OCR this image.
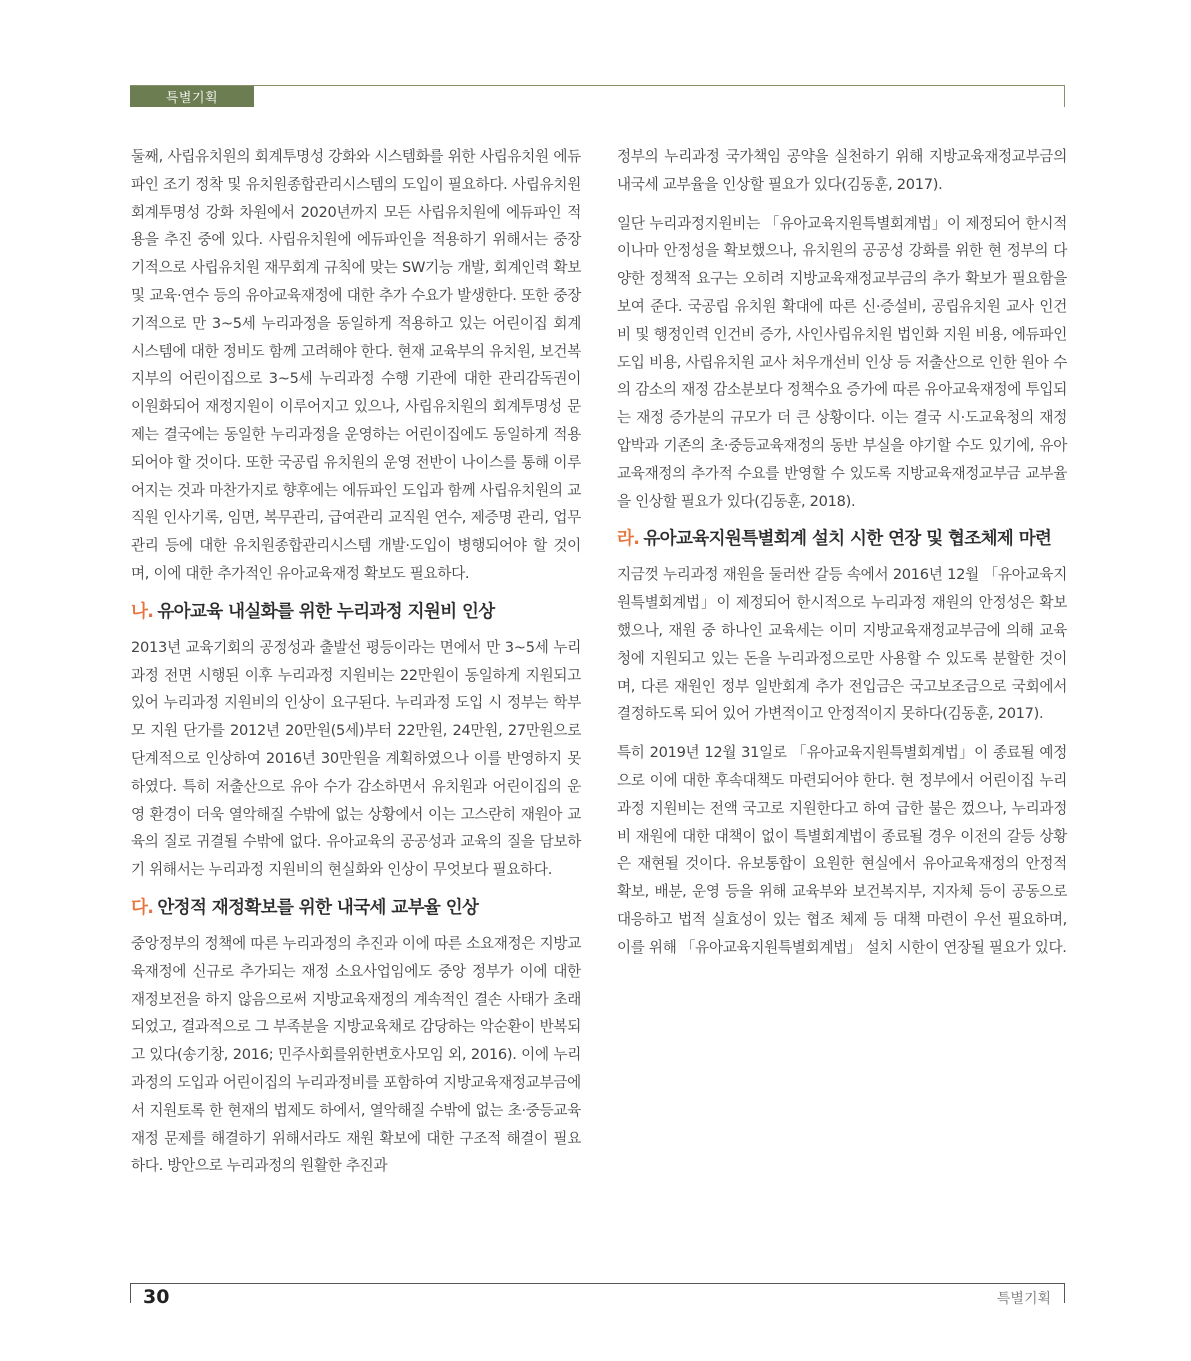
특별기획

둘째, 사립유치원의 회계투명성 강화와 시스템화를 위한 사립유치원 에듀파인 조기 정착 및 유치원종합관리시스템의 도입이 필요하다. 사립유치원 회계투명성 강화 차원에서 2020년까지 모든 사립유치원에 에듀파인 적용을 추진 중에 있다. 사립유치원에 에듀파인을 적용하기 위해서는 중장기적으로 사립유치원 재무회계 규칙에 맞는 SW기능 개발, 회계인력 확보 및 교육·연수 등의 유아교육재정에 대한 추가 수요가 발생한다. 또한 중장기적으로 만 3~5세 누리과정을 동일하게 적용하고 있는 어린이집 회계시스템에 대한 정비도 함께 고려해야 한다. 현재 교육부의 유치원, 보건복지부의 어린이집으로 3~5세 누리과정 수행 기관에 대한 관리감독권이 이원화되어 재정지원이 이루어지고 있으나, 사립유치원의 회계투명성 문제는 결국에는 동일한 누리과정을 운영하는 어린이집에도 동일하게 적용되어야 할 것이다. 또한 국공립 유치원의 운영 전반이 나이스를 통해 이루어지는 것과 마찬가지로 향후에는 에듀파인 도입과 함께 사립유치원의 교직원 인사기록, 임면, 복무관리, 급여관리 교직원 연수, 제증명 관리, 업무관리 등에 대한 유치원종합관리시스템 개발·도입이 병행되어야 할 것이며, 이에 대한 추가적인 유아교육재정 확보도 필요하다.

나. 유아교육 내실화를 위한 누리과정 지원비 인상

2013년 교육기회의 공정성과 출발선 평등이라는 면에서 만 3~5세 누리과정 전면 시행된 이후 누리과정 지원비는 22만원이 동일하게 지원되고 있어 누리과정 지원비의 인상이 요구된다. 누리과정 도입 시 정부는 학부모 지원 단가를 2012년 20만원(5세)부터 22만원, 24만원, 27만원으로 단계적으로 인상하여 2016년 30만원을 계획하였으나 이를 반영하지 못하였다. 특히 저출산으로 유아 수가 감소하면서 유치원과 어린이집의 운영 환경이 더욱 열악해질 수밖에 없는 상황에서 이는 고스란히 재원아 교육의 질로 귀결될 수밖에 없다. 유아교육의 공공성과 교육의 질을 담보하기 위해서는 누리과정 지원비의 현실화와 인상이 무엇보다 필요하다.

다. 안정적 재정확보를 위한 내국세 교부율 인상

중앙정부의 정책에 따른 누리과정의 추진과 이에 따른 소요재정은 지방교육재정에 신규로 추가되는 재정 소요사업임에도 중앙 정부가 이에 대한 재정보전을 하지 않음으로써 지방교육재정의 계속적인 결손 사태가 초래되었고, 결과적으로 그 부족분을 지방교육채로 감당하는 악순환이 반복되고 있다(송기창, 2016; 민주사회를위한변호사모임 외, 2016). 이에 누리과정의 도입과 어린이집의 누리과정비를 포함하여 지방교육재정교부금에서 지원토록 한 현재의 법제도 하에서, 열악해질 수밖에 없는 초·중등교육재정 문제를 해결하기 위해서라도 재원 확보에 대한 구조적 해결이 필요하다. 방안으로 누리과정의 원활한 추진과

정부의 누리과정 국가책임 공약을 실천하기 위해 지방교육재정교부금의 내국세 교부율을 인상할 필요가 있다(김동훈, 2017).

일단 누리과정지원비는 「유아교육지원특별회계법」이 제정되어 한시적이나마 안정성을 확보했으나, 유치원의 공공성 강화를 위한 현 정부의 다양한 정책적 요구는 오히려 지방교육재정교부금의 추가 확보가 필요함을 보여 준다. 국공립 유치원 확대에 따른 신·증설비, 공립유치원 교사 인건비 및 행정인력 인건비 증가, 사인사립유치원 법인화 지원 비용, 에듀파인 도입 비용, 사립유치원 교사 처우개선비 인상 등 저출산으로 인한 원아 수의 감소의 재정 감소분보다 정책수요 증가에 따른 유아교육재정에 투입되는 재정 증가분의 규모가 더 큰 상황이다. 이는 결국 시·도교육청의 재정 압박과 기존의 초·중등교육재정의 동반 부실을 야기할 수도 있기에, 유아교육재정의 추가적 수요를 반영할 수 있도록 지방교육재정교부금 교부율을 인상할 필요가 있다(김동훈, 2018).

라. 유아교육지원특별회계 설치 시한 연장 및 협조체제 마련

지금껏 누리과정 재원을 둘러싼 갈등 속에서 2016년 12월 「유아교육지원특별회계법」이 제정되어 한시적으로 누리과정 재원의 안정성은 확보했으나, 재원 중 하나인 교육세는 이미 지방교육재정교부금에 의해 교육청에 지원되고 있는 돈을 누리과정으로만 사용할 수 있도록 분할한 것이며, 다른 재원인 정부 일반회계 추가 전입금은 국고보조금으로 국회에서 결정하도록 되어 있어 가변적이고 안정적이지 못하다(김동훈, 2017).

특히 2019년 12월 31일로 「유아교육지원특별회계법」이 종료될 예정으로 이에 대한 후속대책도 마련되어야 한다. 현 정부에서 어린이집 누리과정 지원비는 전액 국고로 지원한다고 하여 급한 불은 껐으나, 누리과정비 재원에 대한 대책이 없이 특별회계법이 종료될 경우 이전의 갈등 상황은 재현될 것이다. 유보통합이 요원한 현실에서 유아교육재정의 안정적 확보, 배분, 운영 등을 위해 교육부와 보건복지부, 지자체 등이 공동으로 대응하고 법적 실효성이 있는 협조 체제 등 대책 마련이 우선 필요하며, 이를 위해 「유아교육지원특별회계법」 설치 시한이 연장될 필요가 있다.

30	특별기획
